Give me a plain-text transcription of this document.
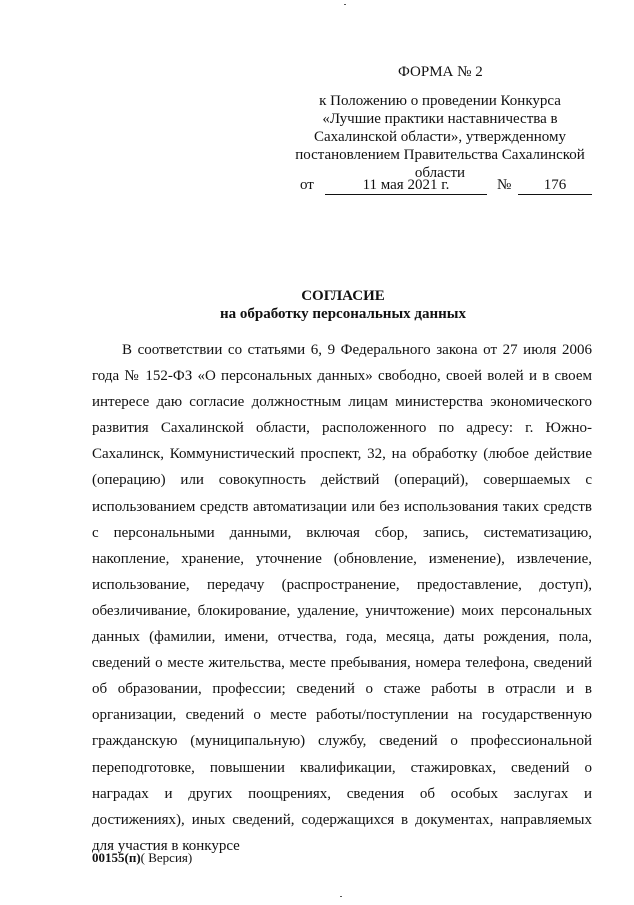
ФОРМА № 2
к Положению о проведении Конкурса
«Лучшие практики наставничества в
Сахалинской области», утвержденному
постановлением Правительства Сахалинской
области
от	11 мая 2021 г.	№	176
СОГЛАСИЕ
на обработку персональных данных

В соответствии со статьями 6, 9 Федерального закона от 27 июля 2006 года № 152-ФЗ «О персональных данных» свободно, своей волей и в своем интересе даю согласие должностным лицам министерства экономического развития Сахалинской области, расположенного по адресу: г. Южно-Сахалинск, Коммунистический проспект, 32, на обработку (любое действие (операцию) или совокупность действий (операций), совершаемых с использованием средств автоматизации или без использования таких средств с персональными данными, включая сбор, запись, систематизацию, накопление, хранение, уточнение (обновление, изменение), извлечение, использование, передачу (распространение, предоставление, доступ), обезличивание, блокирование, удаление, уничтожение) моих персональных данных (фамилии, имени, отчества, года, месяца, даты рождения, пола, сведений о месте жительства, месте пребывания, номера телефона, сведений об образовании, профессии; сведений о стаже работы в отрасли и в организации, сведений о месте работы/поступлении на государственную гражданскую (муниципальную) службу, сведений о профессиональной переподготовке, повышении квалификации, стажировках, сведений о наградах и других поощрениях, сведения об особых заслугах и достижениях), иных сведений, содержащихся в документах, направляемых для участия в конкурсе

00155(п)( Версия)
